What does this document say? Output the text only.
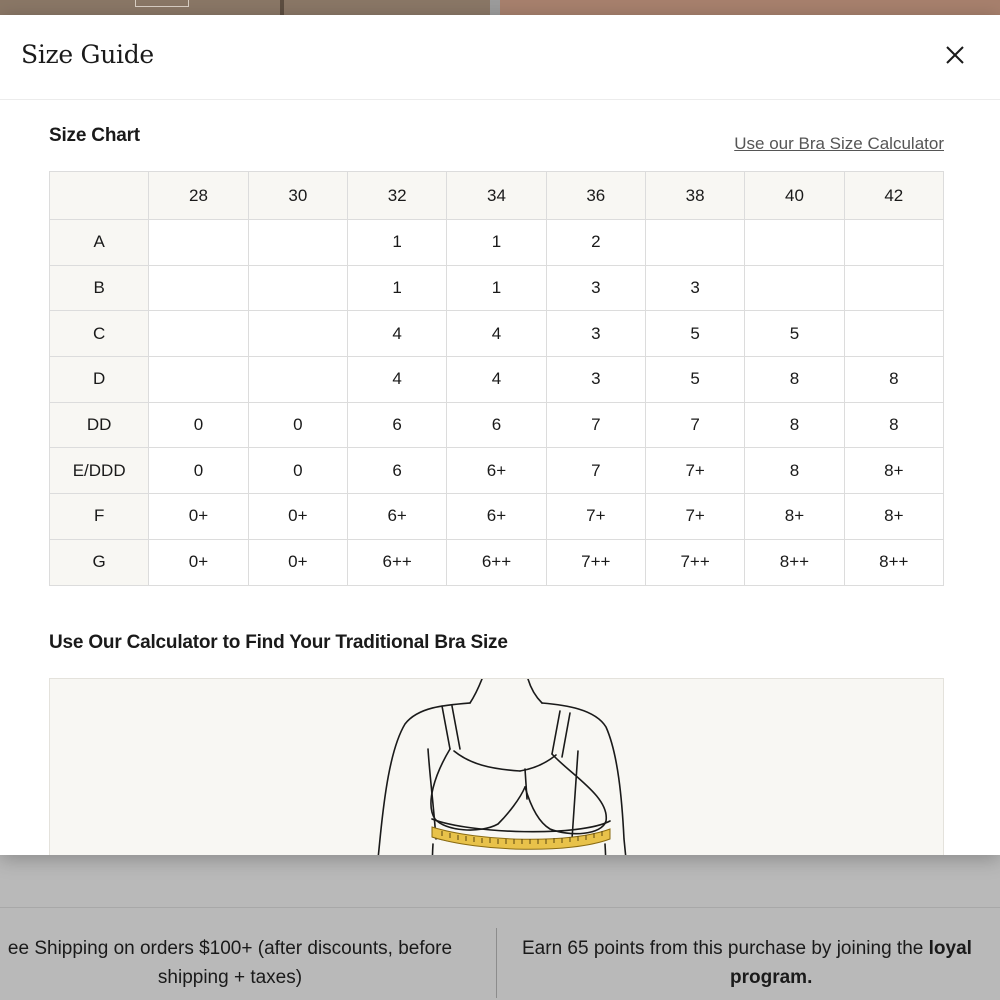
Size Guide
Size Chart	Use our Bra Size Calculator
	28	30	32	34	36	38	40	42
A			1	1	2			
B			1	1	3	3		
C			4	4	3	5	5	
D			4	4	3	5	8	8
DD	0	0	6	6	7	7	8	8
E/DDD	0	0	6	6+	7	7+	8	8+
F	0+	0+	6+	6+	7+	7+	8+	8+
G	0+	0+	6++	6++	7++	7++	8++	8++
Use Our Calculator to Find Your Traditional Bra Size
ee Shipping on orders $100+ (after discounts, before
shipping + taxes)
Earn 65 points from this purchase by joining the loyal
program.
